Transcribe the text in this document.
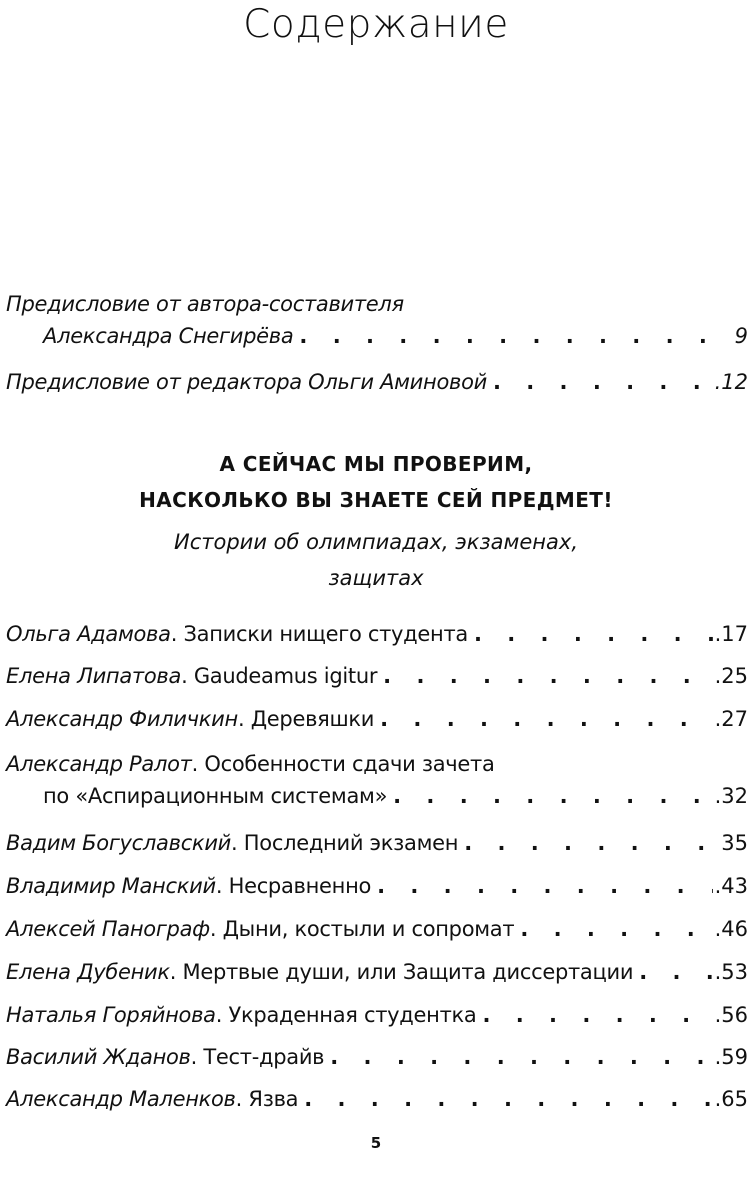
Содержание
Предисловие от автора-составителя
Александра Снегирёва . . .	9
Предисловие от редактора Ольги Аминовой . . .	.12
А СЕЙЧАС МЫ ПРОВЕРИМ,
НАСКОЛЬКО ВЫ ЗНАЕТЕ СЕЙ ПРЕДМЕТ!
Истории об олимпиадах, экзаменах,
защитах
Ольга Адамова . Записки нищего студента . . .	.17
Елена Липатова . Gaudeamus igitur . . .	.25
Александр Филичкин . Деревяшки . . .	.27
Александр Ралот. Особенности сдачи зачета
по «Аспирационным системам» . . .	.32
Вадим Богуславский . Последний экзамен . . .	35
Владимир Манский . Несравненно . . .	.43
Алексей Панограф . Дыни, костыли и сопромат . . .	.46
Елена Дубеник . Мертвые души, или Защита диссертации . . .	.53
Наталья Горяйнова . Украденная студентка . . .	.56
Василий Жданов . Тест-драйв . . .	.59
Александр Маленков . Язва . . .	.65
5
